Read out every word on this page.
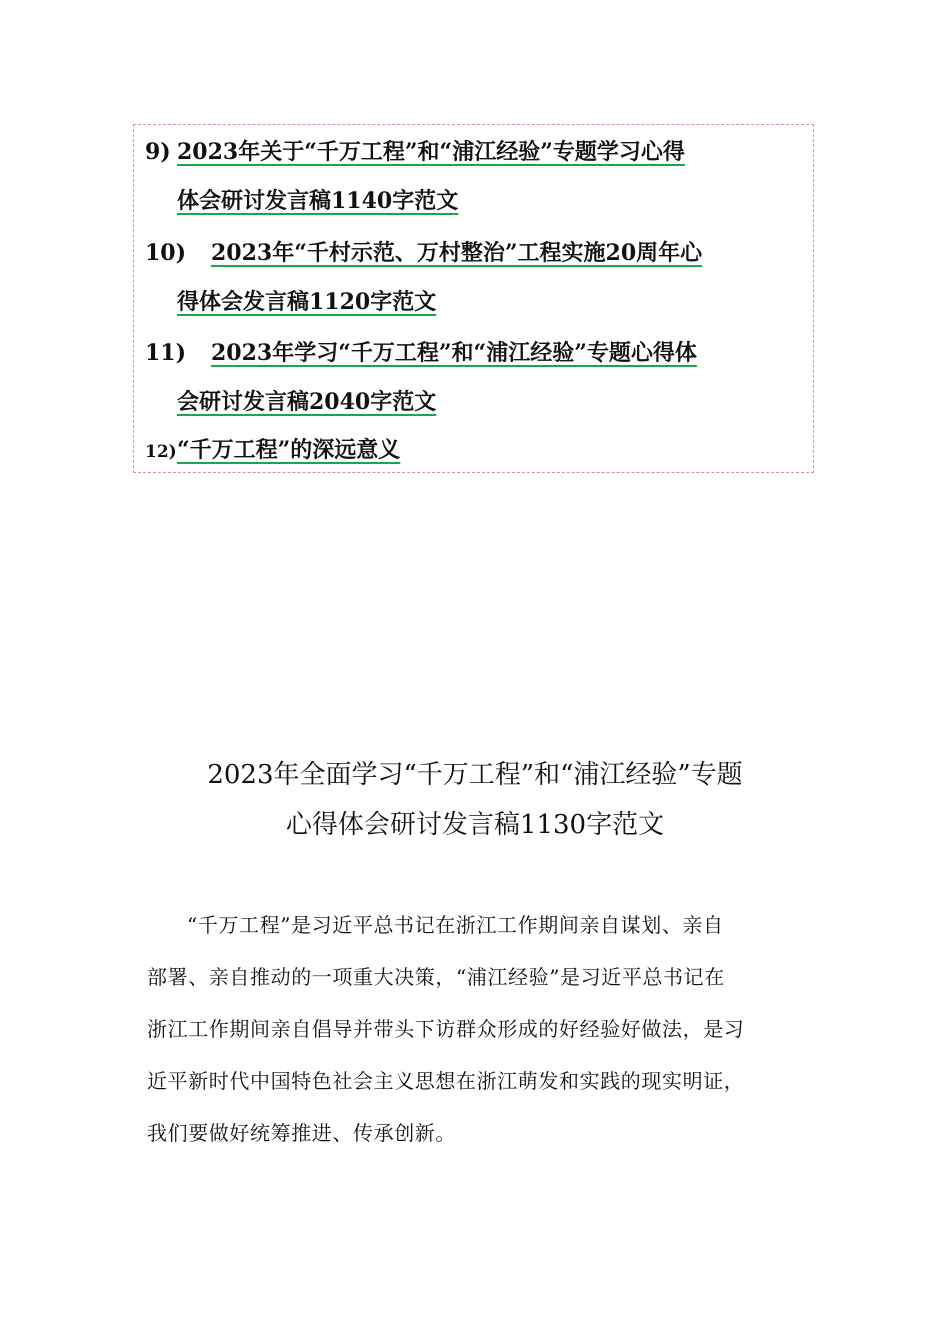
9) 2023年关于“千万工程”和“浦江经验”专题学习心得
体会研讨发言稿1140字范文
10) 2023年“千村示范、万村整治”工程实施20周年心
得体会发言稿1120字范文
11) 2023年学习“千万工程”和“浦江经验”专题心得体
会研讨发言稿2040字范文
12) “千万工程”的深远意义
2023年全面学习“千万工程”和“浦江经验”专题
心得体会研讨发言稿1130字范文
“千万工程”是习近平总书记在浙江工作期间亲自谋划、亲自
部署、亲自推动的一项重大决策，“浦江经验”是习近平总书记在
浙江工作期间亲自倡导并带头下访群众形成的好经验好做法，是习
近平新时代中国特色社会主义思想在浙江萌发和实践的现实明证，
我们要做好统筹推进、传承创新。
